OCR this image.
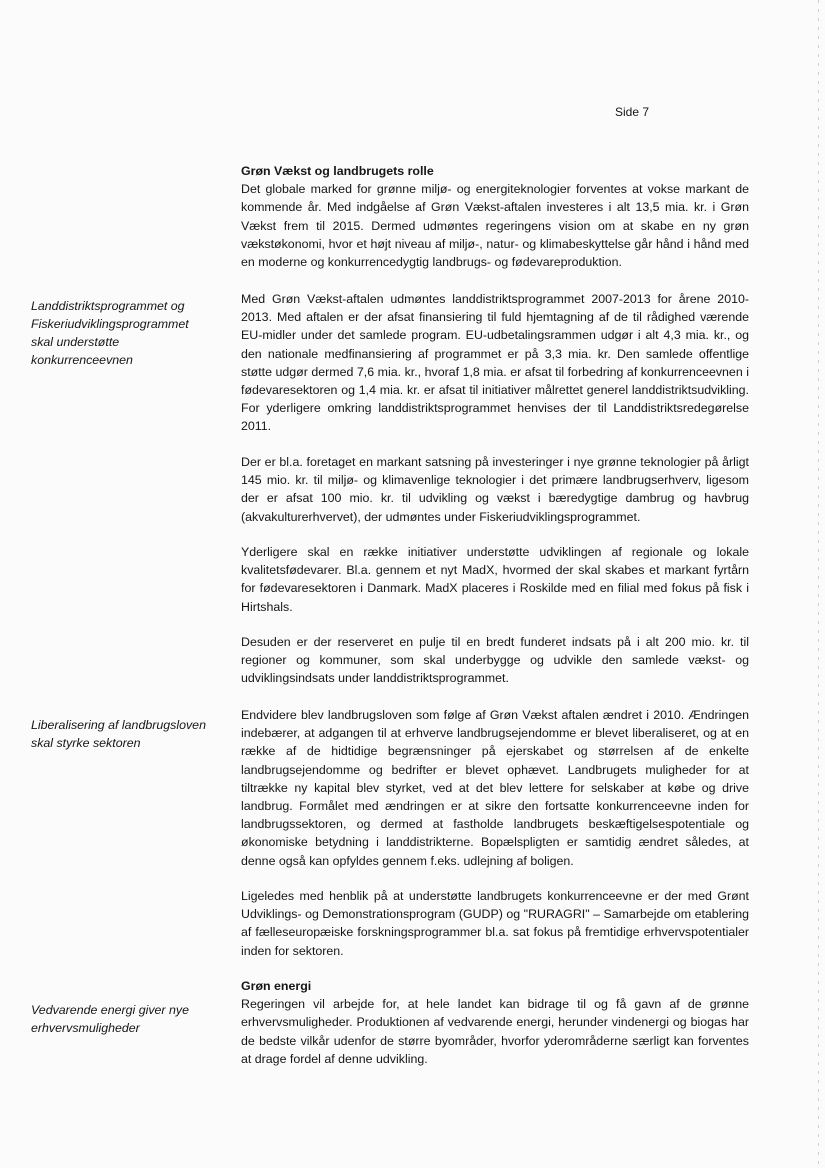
Side 7
Grøn Vækst og landbrugets rolle

Det globale marked for grønne miljø- og energiteknologier forventes at vokse markant de kommende år. Med indgåelse af Grøn Vækst-aftalen investeres i alt 13,5 mia. kr. i Grøn Vækst frem til 2015. Dermed udmøntes regeringens vision om at skabe en ny grøn vækstøkonomi, hvor et højt niveau af miljø-, natur- og klimabeskyttelse går hånd i hånd med en moderne og konkurrencedygtig landbrugs- og fødevareproduktion.

Med Grøn Vækst-aftalen udmøntes landdistriktsprogrammet 2007-2013 for årene 2010-2013. Med aftalen er der afsat finansiering til fuld hjemtagning af de til rådighed værende EU-midler under det samlede program. EU-udbetalingsrammen udgør i alt 4,3 mia. kr., og den nationale medfinansiering af programmet er på 3,3 mia. kr. Den samlede offentlige støtte udgør dermed 7,6 mia. kr., hvoraf 1,8 mia. er afsat til forbedring af konkurrenceevnen i fødevaresektoren og 1,4 mia. kr. er afsat til initiativer målrettet generel landdistriktsudvikling. For yderligere omkring landdistriktsprogrammet henvises der til Landdistriktsredegørelse 2011.

Der er bl.a. foretaget en markant satsning på investeringer i nye grønne teknologier på årligt 145 mio. kr. til miljø- og klimavenlige teknologier i det primære landbrugserhverv, ligesom der er afsat 100 mio. kr. til udvikling og vækst i bæredygtige dambrug og havbrug (akvakulturerhvervet), der udmøntes under Fiskeriudviklingsprogrammet.

Yderligere skal en række initiativer understøtte udviklingen af regionale og lokale kvalitetsfødevarer. Bl.a. gennem et nyt MadX, hvormed der skal skabes et markant fyrtårn for fødevaresektoren i Danmark. MadX placeres i Roskilde med en filial med fokus på fisk i Hirtshals.

Desuden er der reserveret en pulje til en bredt funderet indsats på i alt 200 mio. kr. til regioner og kommuner, som skal underbygge og udvikle den samlede vækst- og udviklingsindsats under landdistriktsprogrammet.

Endvidere blev landbrugsloven som følge af Grøn Vækst aftalen ændret i 2010. Ændringen indebærer, at adgangen til at erhverve landbrugsejendomme er blevet liberaliseret, og at en række af de hidtidige begrænsninger på ejerskabet og størrelsen af de enkelte landbrugsejendomme og bedrifter er blevet ophævet. Landbrugets muligheder for at tiltrække ny kapital blev styrket, ved at det blev lettere for selskaber at købe og drive landbrug. Formålet med ændringen er at sikre den fortsatte konkurrenceevne inden for landbrugssektoren, og dermed at fastholde landbrugets beskæftigelsespotentiale og økonomiske betydning i landdistrikterne. Bopælspligten er samtidig ændret således, at denne også kan opfyldes gennem f.eks. udlejning af boligen.

Ligeledes med henblik på at understøtte landbrugets konkurrenceevne er der med Grønt Udviklings- og Demonstrationsprogram (GUDP) og "RURAGRI" – Samarbejde om etablering af fælleseuropæiske forskningsprogrammer bl.a. sat fokus på fremtidige erhvervspotentialer inden for sektoren.

Grøn energi

Regeringen vil arbejde for, at hele landet kan bidrage til og få gavn af de grønne erhvervsmuligheder. Produktionen af vedvarende energi, herunder vindenergi og biogas har de bedste vilkår udenfor de større byområder, hvorfor yderområderne særligt kan forventes at drage fordel af denne udvikling.

Landdistriktsprogrammet og Fiskeriudviklingsprogrammet skal understøtte konkurrenceevnen
Liberalisering af landbrugsloven skal styrke sektoren
Vedvarende energi giver nye erhvervsmuligheder
